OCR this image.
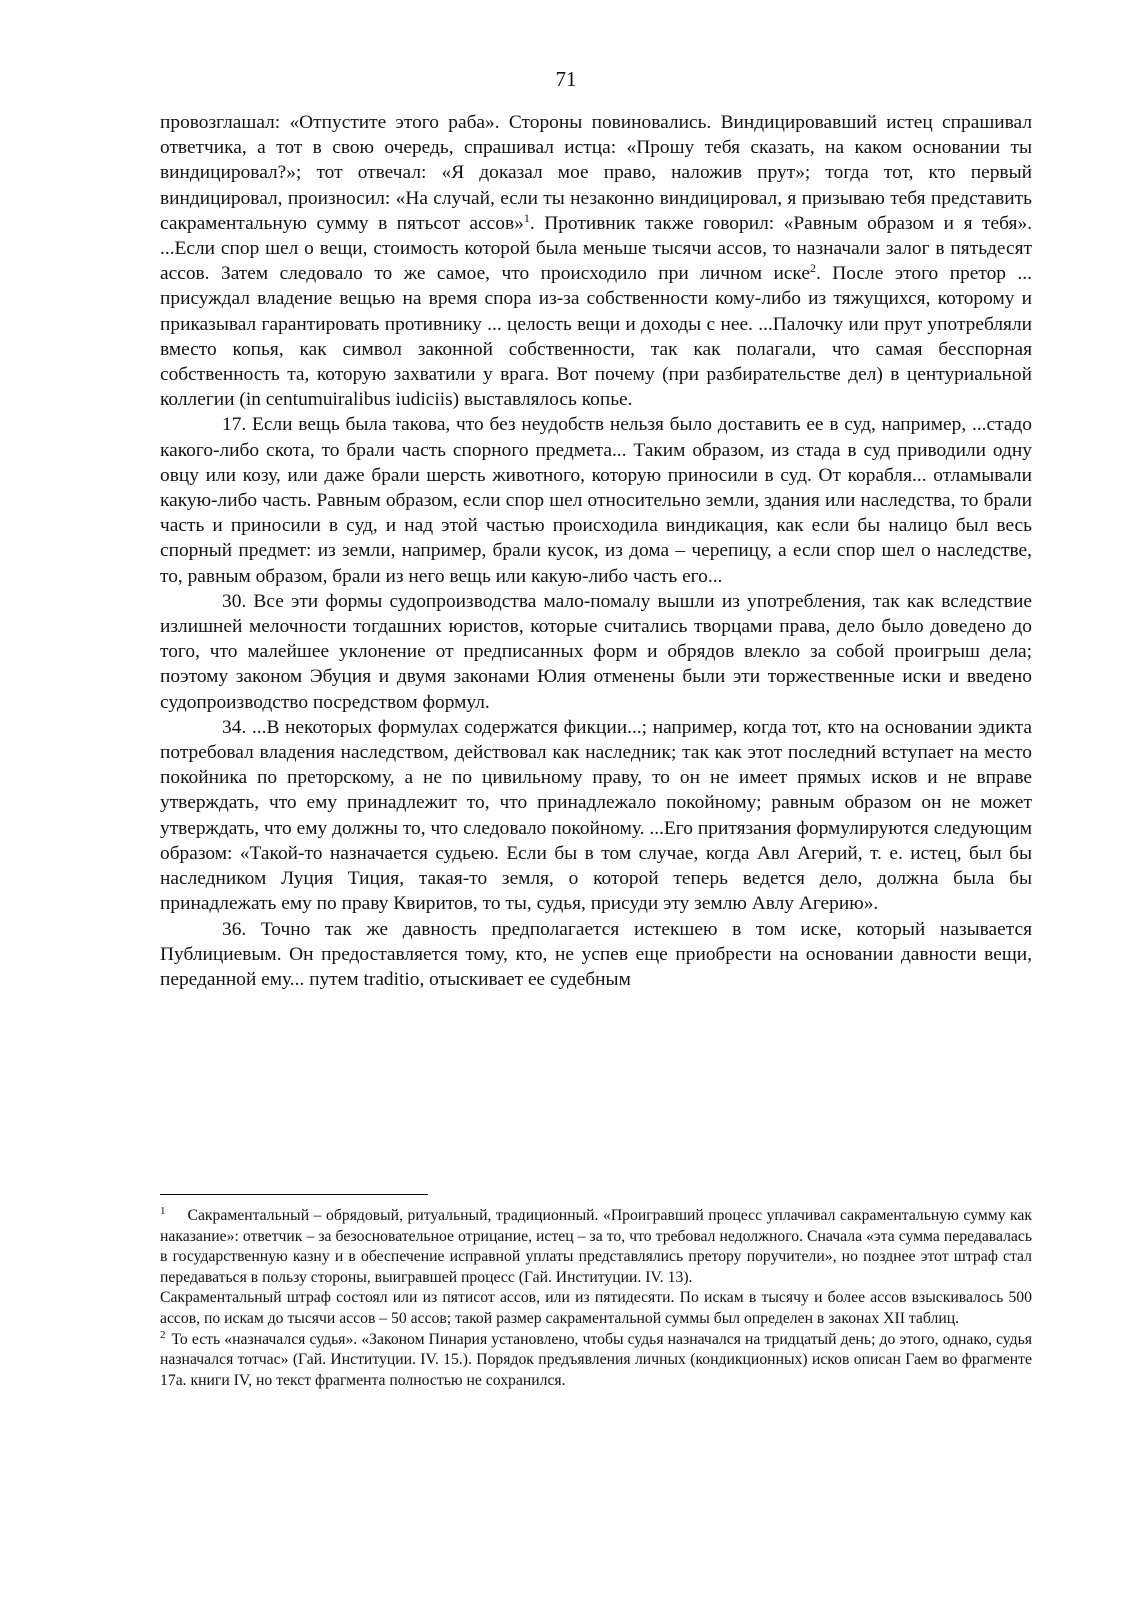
71

провозглашал: «Отпустите этого раба». Стороны повиновались. Виндицировавший истец спрашивал ответчика, а тот в свою очередь, спрашивал истца: «Прошу тебя сказать, на каком основании ты виндицировал?»; тот отвечал: «Я доказал мое право, наложив прут»; тогда тот, кто первый виндицировал, произносил: «На случай, если ты незаконно виндицировал, я призываю тебя представить сакраментальную сумму в пятьсот ассов»$^1$. Противник также говорил: «Равным образом и я тебя». ...Если спор шел о вещи, стоимость которой была меньше тысячи ассов, то назначали залог в пятьдесят ассов. Затем следовало то же самое, что происходило при личном иске$^2$. После этого претор ... присуждал владение вещью на время спора из-за собственности кому-либо из тяжущихся, которому и приказывал гарантировать противнику ... целость вещи и доходы с нее. ...Палочку или прут употребляли вместо копья, как символ законной собственности, так как полагали, что самая бесспорная собственность та, которую захватили у врага. Вот почему (при разбирательстве дел) в центуриальной коллегии (in centumuiralibus iudiciis) выставлялось копье.

17. Если вещь была такова, что без неудобств нельзя было доставить ее в суд, например, ...стадо какого-либо скота, то брали часть спорного предмета... Таким образом, из стада в суд приводили одну овцу или козу, или даже брали шерсть животного, которую приносили в суд. От корабля... отламывали какую-либо часть. Равным образом, если спор шел относительно земли, здания или наследства, то брали часть и приносили в суд, и над этой частью происходила виндикация, как если бы налицо был весь спорный предмет: из земли, например, брали кусок, из дома – черепицу, а если спор шел о наследстве, то, равным образом, брали из него вещь или какую-либо часть его...

30. Все эти формы судопроизводства мало-помалу вышли из употребления, так как вследствие излишней мелочности тогдашних юристов, которые считались творцами права, дело было доведено до того, что малейшее уклонение от предписанных форм и обрядов влекло за собой проигрыш дела; поэтому законом Эбуция и двумя законами Юлия отменены были эти торжественные иски и введено судопроизводство посредством формул.

34. ...В некоторых формулах содержатся фикции...; например, когда тот, кто на основании эдикта потребовал владения наследством, действовал как наследник; так как этот последний вступает на место покойника по преторскому, а не по цивильному праву, то он не имеет прямых исков и не вправе утверждать, что ему принадлежит то, что принадлежало покойному; равным образом он не может утверждать, что ему должны то, что следовало покойному. ...Его притязания формулируются следующим образом: «Такой-то назначается судьею. Если бы в том случае, когда Авл Агерий, т. е. истец, был бы наследником Луция Тиция, такая-то земля, о которой теперь ведется дело, должна была бы принадлежать ему по праву Квиритов, то ты, судья, присуди эту землю Авлу Агерию».

36. Точно так же давность предполагается истекшею в том иске, который называется Публициевым. Он предоставляется тому, кто, не успев еще приобрести на основании давности вещи, переданной ему... путем traditio, отыскивает ее судебным

$^1$ Сакраментальный – обрядовый, ритуальный, традиционный. «Проигравший процесс уплачивал сакраментальную сумму как наказание»: ответчик – за безосновательное отрицание, истец – за то, что требовал недолжного. Сначала «эта сумма передавалась в государственную казну и в обеспечение исправной уплаты представлялись претору поручители», но позднее этот штраф стал передаваться в пользу стороны, выигравшей процесс (Гай. Институции. IV. 13).

Сакраментальный штраф состоял или из пятисот ассов, или из пятидесяти. По искам в тысячу и более ассов взыскивалось 500 ассов, по искам до тысячи ассов – 50 ассов; такой размер сакраментальной суммы был определен в законах XII таблиц.

$^2$ То есть «назначался судья». «Законом Пинария установлено, чтобы судья назначался на тридцатый день; до этого, однако, судья назначался тотчас» (Гай. Институции. IV. 15.). Порядок предъявления личных (кондикционных) исков описан Гаем во фрагменте 17а. книги IV, но текст фрагмента полностью не сохранился.
